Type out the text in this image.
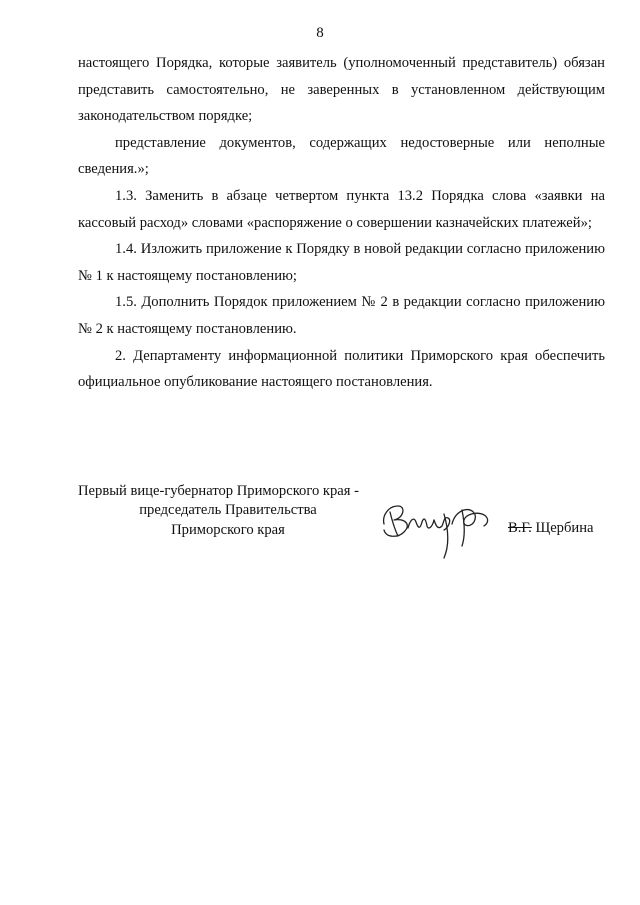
8

настоящего Порядка, которые заявитель (уполномоченный представитель) обязан представить самостоятельно, не заверенных в установленном действующим законодательством порядке;

представление документов, содержащих недостоверные или неполные сведения.»;

1.3. Заменить в абзаце четвертом пункта 13.2 Порядка слова «заявки на кассовый расход» словами «распоряжение о совершении казначейских платежей»;

1.4. Изложить приложение к Порядку в новой редакции согласно приложению № 1 к настоящему постановлению;

1.5. Дополнить Порядок приложением № 2 в редакции согласно приложению № 2 к настоящему постановлению.

2. Департаменту информационной политики Приморского края обеспечить официальное опубликование настоящего постановления.

Первый вице-губернатор Приморского края -
председатель Правительства
Приморского края	В.Г. Щербина
